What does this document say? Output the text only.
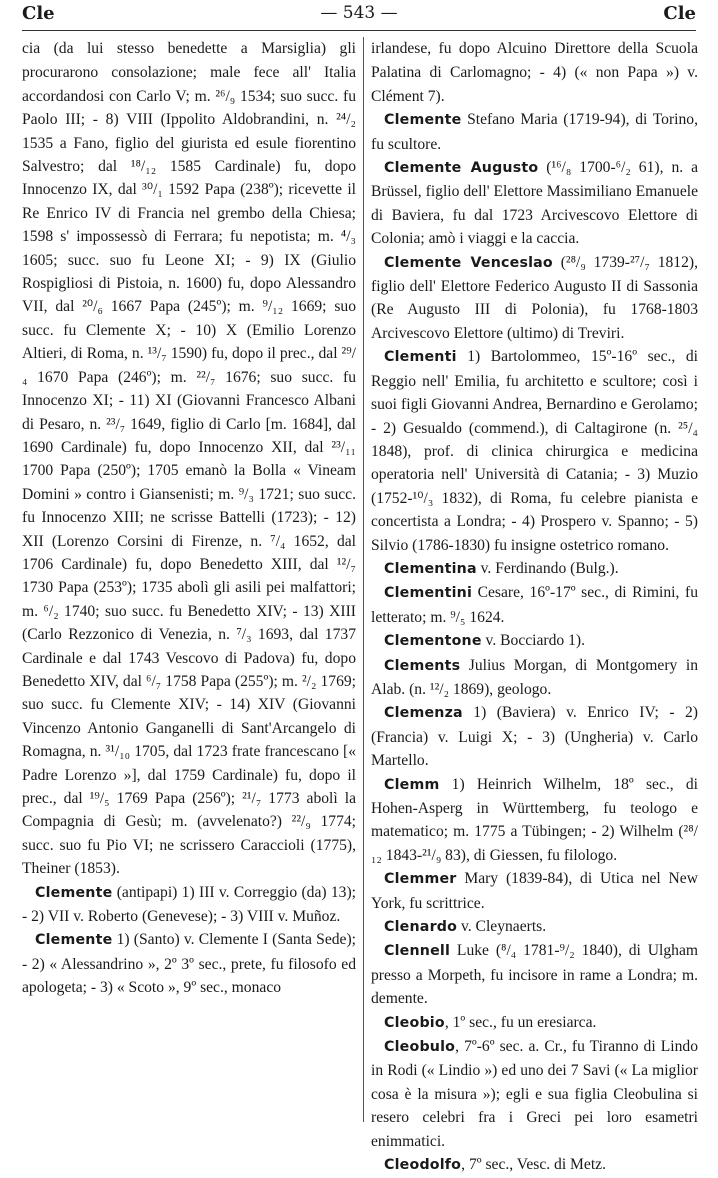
Cle	— 543 —	Cle

cia (da lui stesso benedette a Marsiglia) gli procurarono consolazione; male fece all' Italia accordandosi con Carlo V; m. ²⁶/₉ 1534; suo succ. fu Paolo III; - 8) VIII (Ippolito Aldobrandini, n. ²⁴/₂ 1535 a Fano, figlio del giurista ed esule fiorentino Salvestro; dal ¹⁸/₁₂ 1585 Cardinale) fu, dopo Innocenzo IX, dal ³⁰/₁ 1592 Papa (238º); ricevette il Re Enrico IV di Francia nel grembo della Chiesa; 1598 s' impossessò di Ferrara; fu nepotista; m. ⁴/₃ 1605; succ. suo fu Leone XI; - 9) IX (Giulio Rospigliosi di Pistoia, n. 1600) fu, dopo Alessandro VII, dal ²⁰/₆ 1667 Papa (245º); m. ⁹/₁₂ 1669; suo succ. fu Clemente X; - 10) X (Emilio Lorenzo Altieri, di Roma, n. ¹³/₇ 1590) fu, dopo il prec., dal ²⁹/₄ 1670 Papa (246º); m. ²²/₇ 1676; suo succ. fu Innocenzo XI; - 11) XI (Giovanni Francesco Albani di Pesaro, n. ²³/₇ 1649, figlio di Carlo [m. 1684], dal 1690 Cardinale) fu, dopo Innocenzo XII, dal ²³/₁₁ 1700 Papa (250º); 1705 emanò la Bolla « Vineam Domini » contro i Giansenisti; m. ⁹/₃ 1721; suo succ. fu Innocenzo XIII; ne scrisse Battelli (1723); - 12) XII (Lorenzo Corsini di Firenze, n. ⁷/₄ 1652, dal 1706 Cardinale) fu, dopo Benedetto XIII, dal ¹²/₇ 1730 Papa (253º); 1735 abolì gli asili pei malfattori; m. ⁶/₂ 1740; suo succ. fu Benedetto XIV; - 13) XIII (Carlo Rezzonico di Venezia, n. ⁷/₃ 1693, dal 1737 Cardinale e dal 1743 Vescovo di Padova) fu, dopo Benedetto XIV, dal ⁶/₇ 1758 Papa (255º); m. ²/₂ 1769; suo succ. fu Clemente XIV; - 14) XIV (Giovanni Vincenzo Antonio Ganganelli di Sant'Arcangelo di Romagna, n. ³¹/₁₀ 1705, dal 1723 frate francescano [« Padre Lorenzo »], dal 1759 Cardinale) fu, dopo il prec., dal ¹⁹/₅ 1769 Papa (256º); ²¹/₇ 1773 abolì la Compagnia di Gesù; m. (avvelenato?) ²²/₉ 1774; succ. suo fu Pio VI; ne scrissero Caraccioli (1775), Theiner (1853).

Clemente (antipapi) 1) III v. Correggio (da) 13); - 2) VII v. Roberto (Genevese); - 3) VIII v. Muñoz.

Clemente 1) (Santo) v. Clemente I (Santa Sede); - 2) « Alessandrino », 2º 3º sec., prete, fu filosofo ed apologeta; - 3) « Scoto », 9º sec., monaco

irlandese, fu dopo Alcuino Direttore della Scuola Palatina di Carlomagno; - 4) (« non Papa ») v. Clément 7).

Clemente Stefano Maria (1719-94), di Torino, fu scultore.

Clemente Augusto (¹⁶/₈ 1700-⁶/₂ 61), n. a Brüssel, figlio dell' Elettore Massimiliano Emanuele di Baviera, fu dal 1723 Arcivescovo Elettore di Colonia; amò i viaggi e la caccia.

Clemente Venceslao (²⁸/₉ 1739-²⁷/₇ 1812), figlio dell' Elettore Federico Augusto II di Sassonia (Re Augusto III di Polonia), fu 1768-1803 Arcivescovo Elettore (ultimo) di Treviri.

Clementi 1) Bartolommeo, 15º-16º sec., di Reggio nell' Emilia, fu architetto e scultore; così i suoi figli Giovanni Andrea, Bernardino e Gerolamo; - 2) Gesualdo (commend.), di Caltagirone (n. ²⁵/₄ 1848), prof. di clinica chirurgica e medicina operatoria nell' Università di Catania; - 3) Muzio (1752-¹⁰/₃ 1832), di Roma, fu celebre pianista e concertista a Londra; - 4) Prospero v. Spanno; - 5) Silvio (1786-1830) fu insigne ostetrico romano.

Clementina v. Ferdinando (Bulg.).

Clementini Cesare, 16º-17º sec., di Rimini, fu letterato; m. ⁹/₅ 1624.

Clementone v. Bocciardo 1).

Clements Julius Morgan, di Montgomery in Alab. (n. ¹²/₂ 1869), geologo.

Clemenza 1) (Baviera) v. Enrico IV; - 2) (Francia) v. Luigi X; - 3) (Ungheria) v. Carlo Martello.

Clemm 1) Heinrich Wilhelm, 18º sec., di Hohen-Asperg in Württemberg, fu teologo e matematico; m. 1775 a Tübingen; - 2) Wilhelm (²⁸/₁₂ 1843-²¹/₉ 83), di Giessen, fu filologo.

Clemmer Mary (1839-84), di Utica nel New York, fu scrittrice.

Clenardo v. Cleynaerts.

Clennell Luke (⁸/₄ 1781-⁹/₂ 1840), di Ulgham presso a Morpeth, fu incisore in rame a Londra; m. demente.

Cleobio, 1º sec., fu un eresiarca.

Cleobulo, 7º-6º sec. a. Cr., fu Tiranno di Lindo in Rodi (« Lindio ») ed uno dei 7 Savi (« La miglior cosa è la misura »); egli e sua figlia Cleobulina si resero celebri fra i Greci pei loro esametri enimmatici.

Cleodolfo, 7º sec., Vesc. di Metz.
